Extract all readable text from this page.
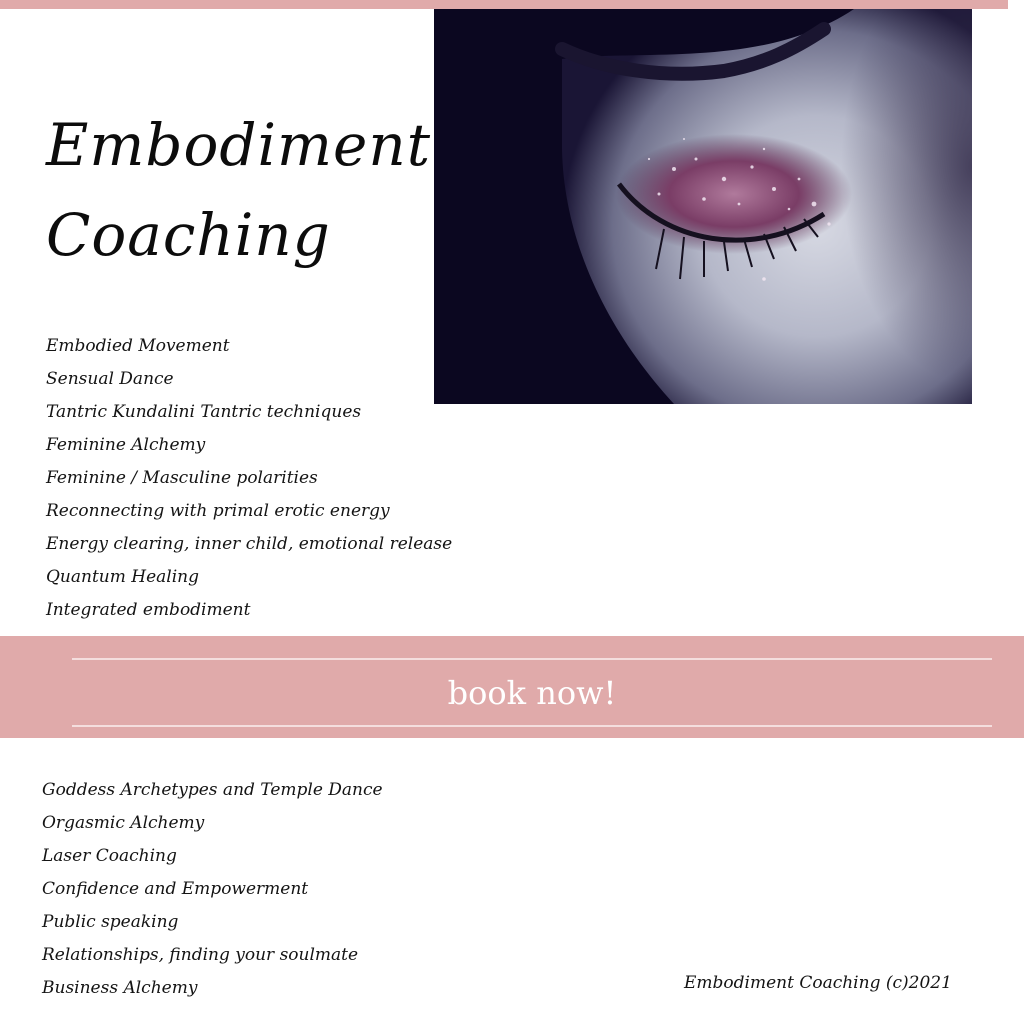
Embodiment
Coaching
Embodied Movement
Sensual Dance
Tantric Kundalini Tantric techniques
Feminine Alchemy
Feminine / Masculine polarities
Reconnecting with primal erotic energy
Energy clearing, inner child, emotional release
Quantum Healing
Integrated embodiment
book now!
Goddess Archetypes and Temple Dance
Orgasmic Alchemy
Laser Coaching
Confidence and Empowerment
Public speaking
Relationships, finding your soulmate
Business Alchemy	Embodiment Coaching (c)2021
